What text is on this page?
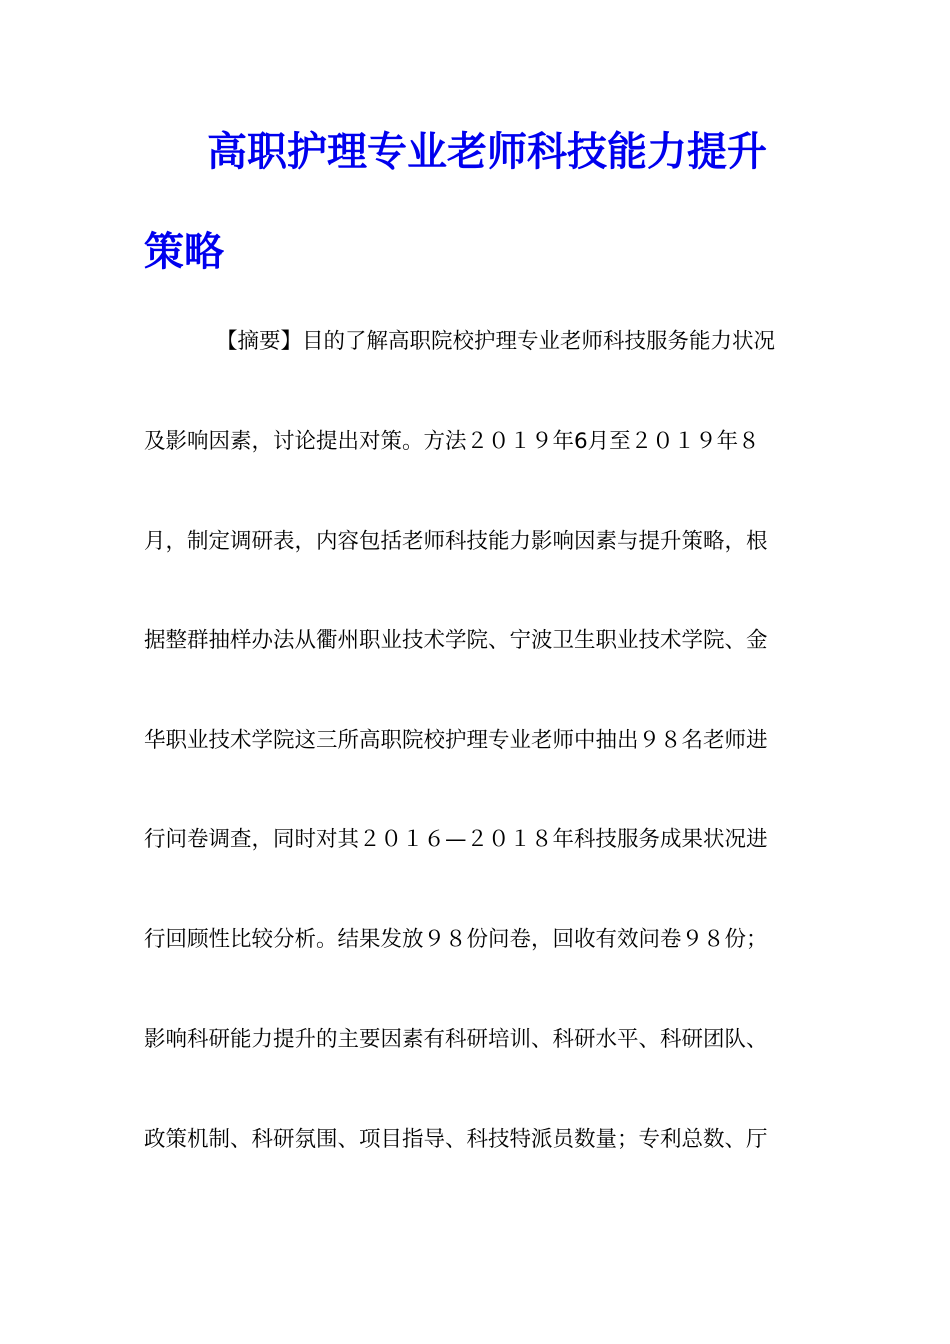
高职护理专业老师科技能力提升
策略
【摘要】目的了解高职院校护理专业老师科技服务能力状况
及影响因素，讨论提出对策。方法２０１９年6月至２０１９年８
月，制定调研表，内容包括老师科技能力影响因素与提升策略，根
据整群抽样办法从衢州职业技术学院、宁波卫生职业技术学院、金
华职业技术学院这三所高职院校护理专业老师中抽出９８名老师进
行问卷调查，同时对其２０１６—２０１８年科技服务成果状况进
行回顾性比较分析。结果发放９８份问卷，回收有效问卷９８份；
影响科研能力提升的主要因素有科研培训、科研水平、科研团队、
政策机制、科研氛围、项目指导、科技特派员数量；专利总数、厅
